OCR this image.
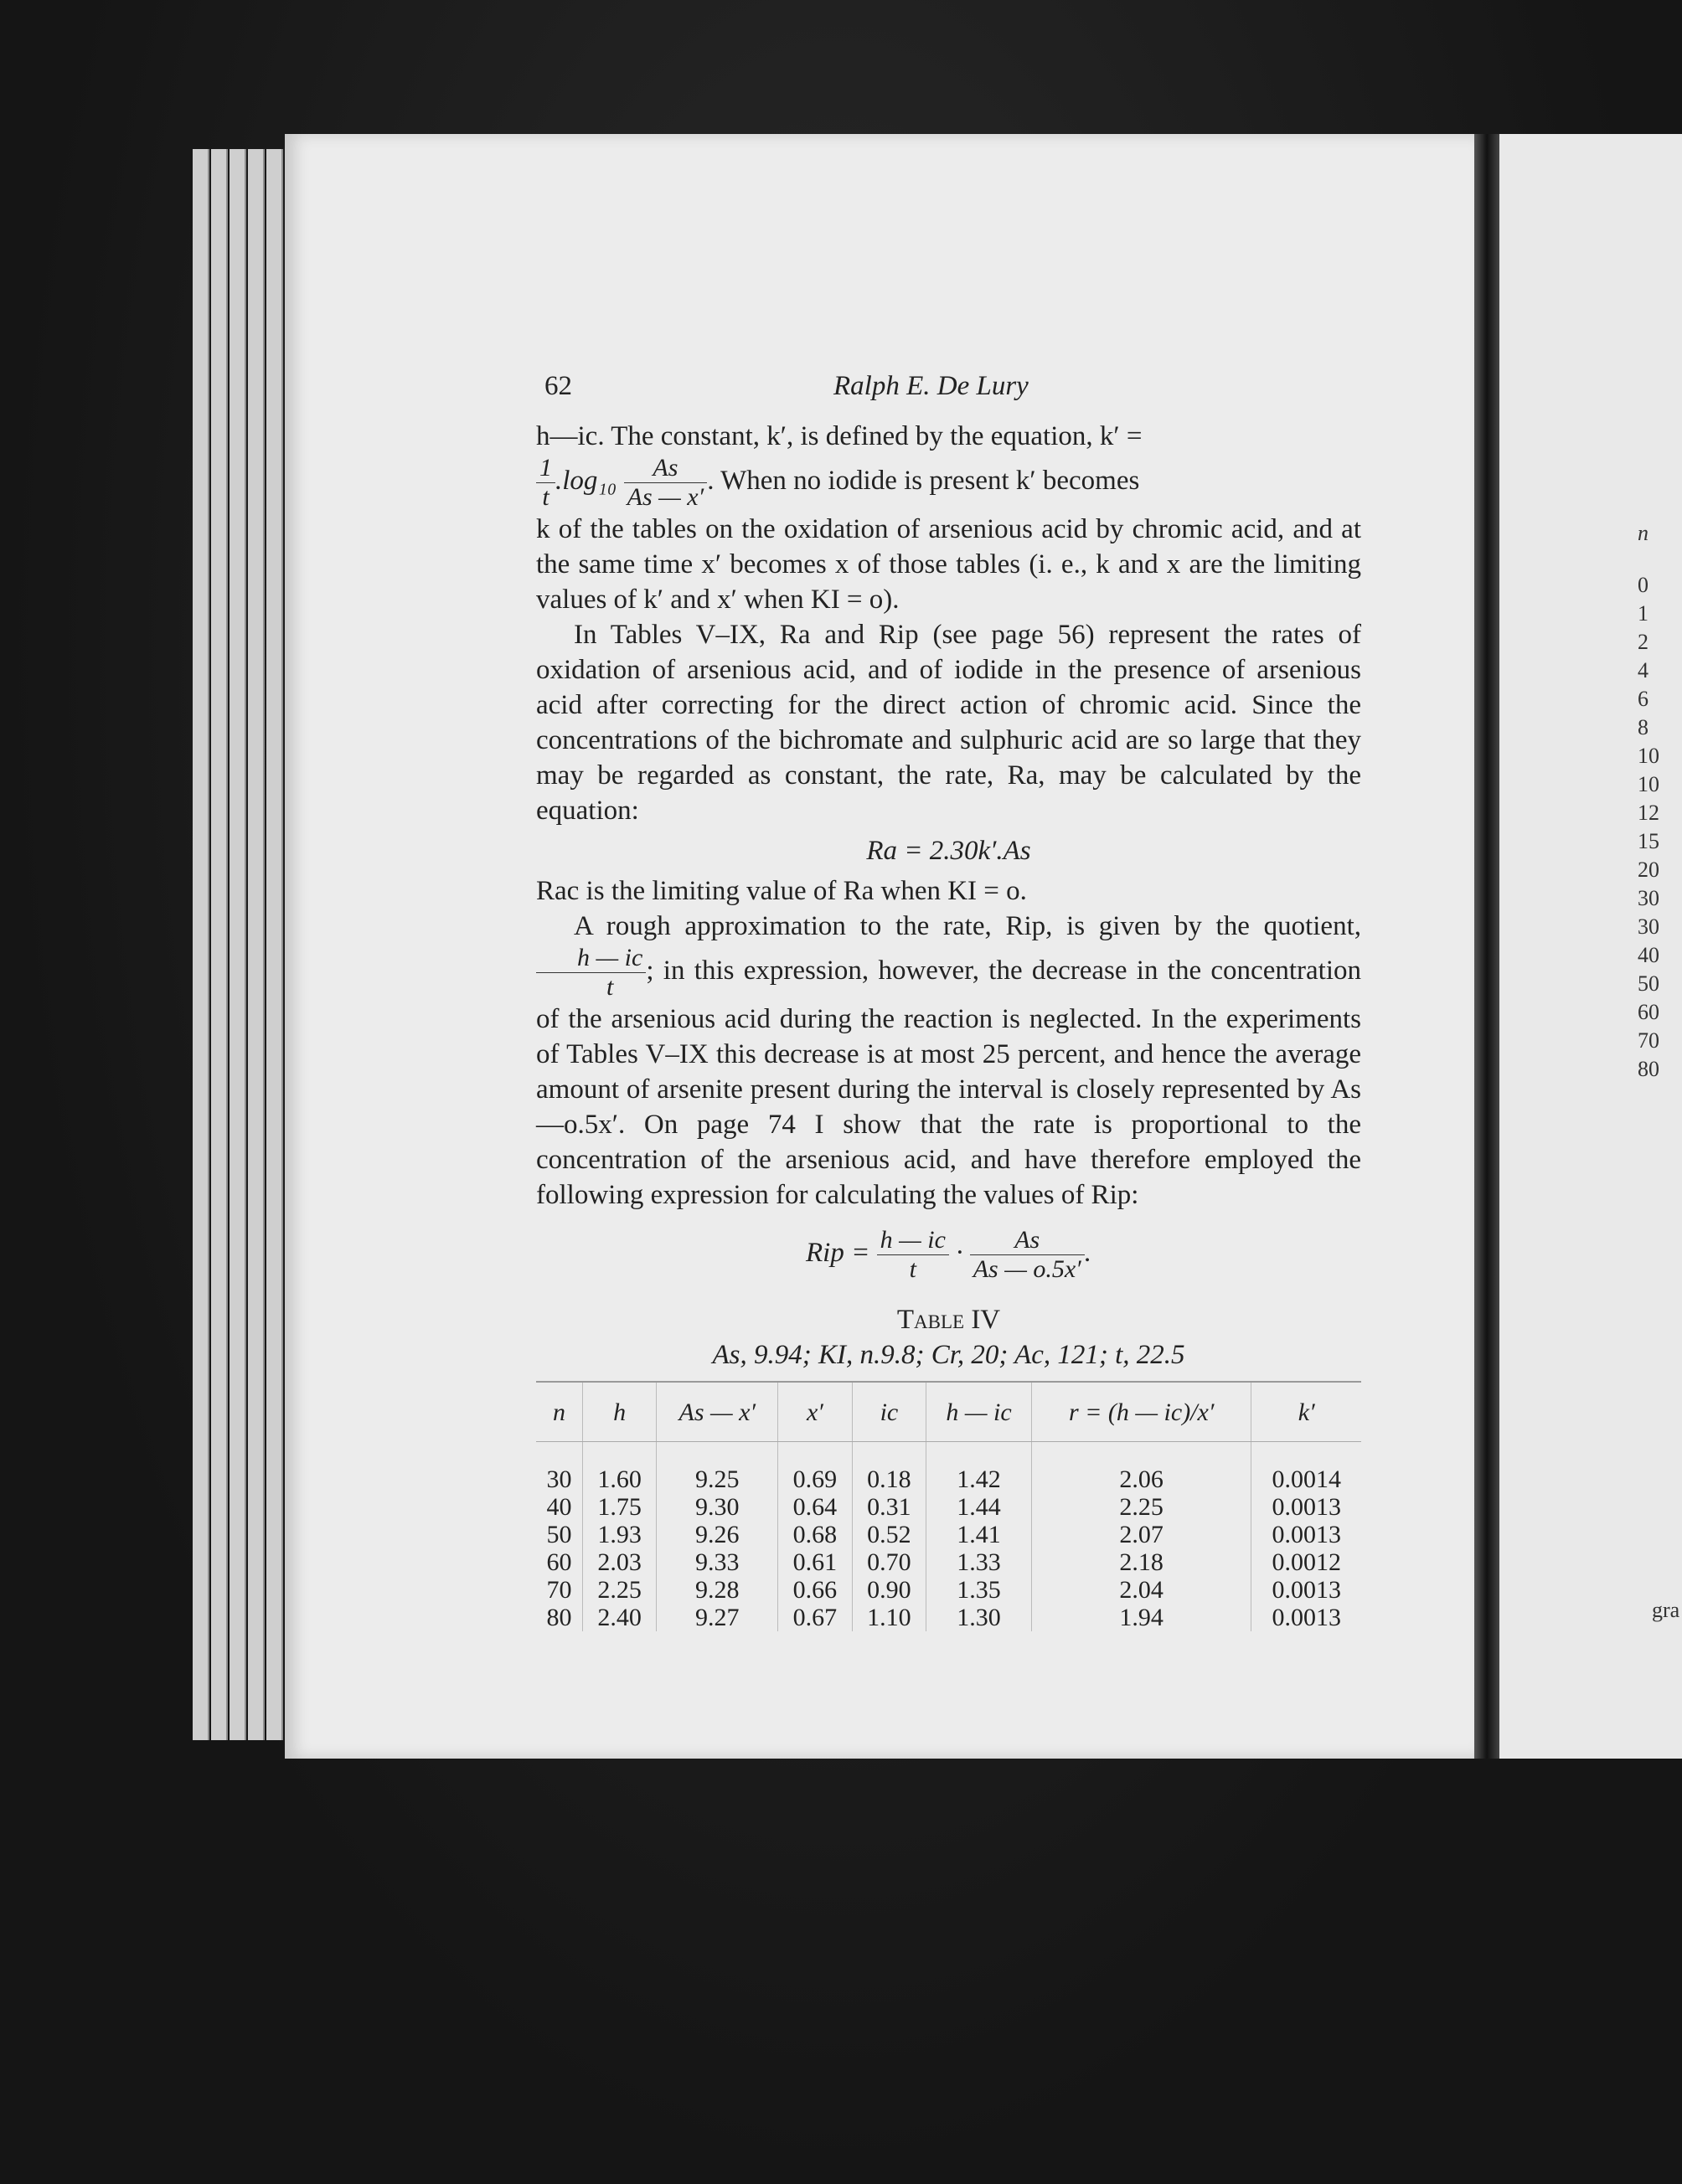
62	Ralph E. De Lury

h—ic. The constant, k′, is defined by the equation, k′ =

$\frac{1}{t} .\log_{10} \frac{As}{As — x'}$ . When no iodide is present k′ becomes
k of the tables on the oxidation of arsenious acid by chromic acid, and at the same time x′ becomes x of those tables (i. e., k and x are the limiting values of k′ and x′ when KI = o).

In Tables V–IX, Ra and Rip (see page 56) represent the rates of oxidation of arsenious acid, and of iodide in the presence of arsenious acid after correcting for the direct action of chromic acid. Since the concentrations of the bichromate and sulphuric acid are so large that they may be regarded as constant, the rate, Ra, may be calculated by the equation:

Ra = 2.30k′.As

Rac is the limiting value of Ra when KI = o.

A rough approximation to the rate, Rip, is given by the quotient,
$\frac{h — ic}{t}$ ; in this expression, however, the decrease in the concentration of the arsenious acid during the reaction is neglected. In the experiments of Tables V–IX this decrease is at most 25 percent, and hence the average amount of arsenite present during the interval is closely represented by As—o.5x′. On page 74 I show that the rate is proportional to the concentration of the arsenious acid, and have therefore employed the following expression for calculating the values of Rip:

Rip = $\frac{h — ic}{t} \cdot \frac{As}{As — o.5x'}$ .
Table IV
As, 9.94; KI, n.9.8; Cr, 20; Ac, 121; t, 22.5
n	h	As — x′	x′	ic	h — ic	r = (h — ic)/x′	k′
30	1.60	9.25	0.69	0.18	1.42	2.06	0.0014
40	1.75	9.30	0.64	0.31	1.44	2.25	0.0013
50	1.93	9.26	0.68	0.52	1.41	2.07	0.0013
60	2.03	9.33	0.61	0.70	1.33	2.18	0.0012
70	2.25	9.28	0.66	0.90	1.35	2.04	0.0013
80	2.40	9.27	0.67	1.10	1.30	1.94	0.0013
n
0
1
2
4
6
8
10
10
12
15
20
30
30
40
50
60
70
80
gra
